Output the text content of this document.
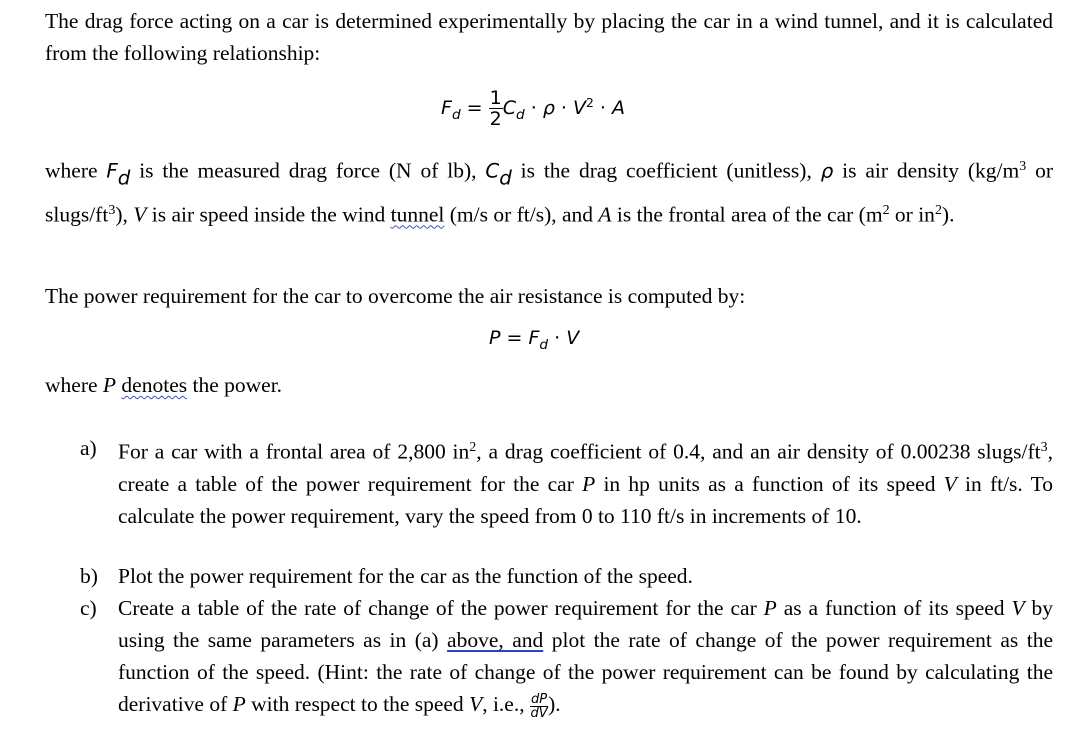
The drag force acting on a car is determined experimentally by placing the car in a wind tunnel, and it is calculated from the following relationship:
$F_d = \frac{1}{2} C_d \cdot \rho \cdot V^2 \cdot A$
where Fd is the measured drag force (N of lb), Cd is the drag coefficient (unitless), ρ is air density ($kg/m^3$ or slugs/$ft^3$), V is air speed inside the wind tunnel (m/s or ft/s), and A is the frontal area of the car ($m^2$ or $in^2$).
The power requirement for the car to overcome the air resistance is computed by:
$P = F_d \cdot V$
where P denotes the power.
a) For a car with a frontal area of 2,800 $in^2$, a drag coefficient of 0.4, and an air density of 0.00238 slugs/$ft^3$, create a table of the power requirement for the car P in hp units as a function of its speed V in ft/s. To calculate the power requirement, vary the speed from 0 to 110 ft/s in increments of 10.
b) Plot the power requirement for the car as the function of the speed.
c) Create a table of the rate of change of the power requirement for the car P as a function of its speed V by using the same parameters as in (a) above, and plot the rate of change of the power requirement as the function of the speed. (Hint: the rate of change of the power requirement can be found by calculating the derivative of P with respect to the speed V, i.e., $\frac{dP}{dV}$).
